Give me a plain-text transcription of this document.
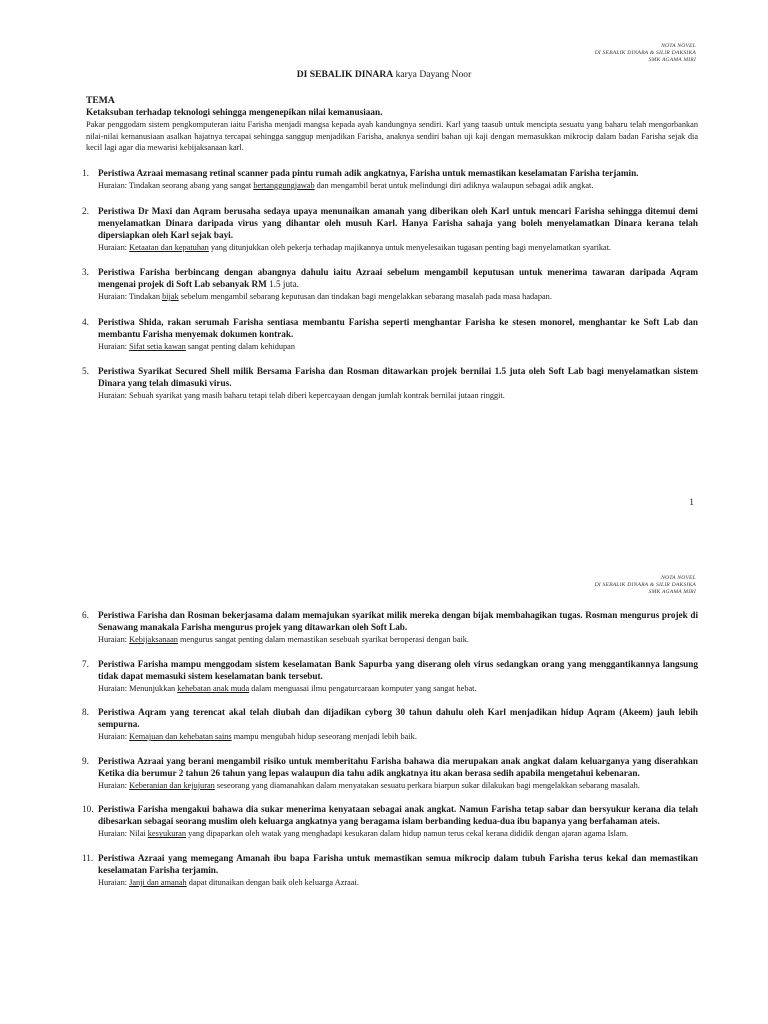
NOTA NOVEL
DI SEBALIK DINARA & SILIR DAKSIKA
SMK AGAMA MIRI
DI SEBALIK DINARA karya Dayang Noor
TEMA
Ketaksuban terhadap teknologi sehingga mengenepikan nilai kemanusiaan.
Pakar penggodam sistem pengkomputeran iaitu Farisha menjadi mangsa kepada ayah kandungnya sendiri. Karl yang taasub untuk mencipta sesuatu yang baharu telah mengorbankan nilai-nilai kemanusiaan asalkan hajatnya tercapai sehingga sanggup menjadikan Farisha, anaknya sendiri bahan uji kaji dengan memasukkan mikrocip dalam badan Farisha sejak dia kecil lagi agar dia mewarisi kebijaksanaan karl.
1. Peristiwa Azraai memasang retinal scanner pada pintu rumah adik angkatnya, Farisha untuk memastikan keselamatan Farisha terjamin.
Huraian: Tindakan seorang abang yang sangat bertanggungjawab dan mengambil berat untuk melindungi diri adiknya walaupun sebagai adik angkat.
2. Peristiwa Dr Maxi dan Aqram berusaha sedaya upaya menunaikan amanah yang diberikan oleh Karl untuk mencari Farisha sehingga ditemui demi menyelamatkan Dinara daripada virus yang dihantar oleh musuh Karl. Hanya Farisha sahaja yang boleh menyelamatkan Dinara kerana telah dipersiapkan oleh Karl sejak bayi.
Huraian: Ketaatan dan kepatuhan yang ditunjukkan oleh pekerja terhadap majikannya untuk menyelesaikan tugasan penting bagi menyelamatkan syarikat.
3. Peristiwa Farisha berbincang dengan abangnya dahulu iaitu Azraai sebelum mengambil keputusan untuk menerima tawaran daripada Aqram mengenai projek di Soft Lab sebanyak RM 1.5 juta.
Huraian: Tindakan bijak sebelum mengambil sebarang keputusan dan tindakan bagi mengelakkan sebarang masalah pada masa hadapan.
4. Peristiwa Shida, rakan serumah Farisha sentiasa membantu Farisha seperti menghantar Farisha ke stesen monorel, menghantar ke Soft Lab dan membantu Farisha menyemak dokumen kontrak.
Huraian: Sifat setia kawan sangat penting dalam kehidupan
5. Peristiwa Syarikat Secured Shell milik Bersama Farisha dan Rosman ditawarkan projek bernilai 1.5 juta oleh Soft Lab bagi menyelamatkan sistem Dinara yang telah dimasuki virus.
Huraian: Sebuah syarikat yang masih baharu tetapi telah diberi kepercayaan dengan jumlah kontrak bernilai jutaan ringgit.
1
NOTA NOVEL
DI SEBALIK DINARA & SILIR DAKSIKA
SMK AGAMA MIRI
6. Peristiwa Farisha dan Rosman bekerjasama dalam memajukan syarikat milik mereka dengan bijak membahagikan tugas. Rosman mengurus projek di Senawang manakala Farisha mengurus projek yang ditawarkan oleh Soft Lab.
Huraian: Kebijaksanaan mengurus sangat penting dalam memastikan sesebuah syarikat beroperasi dengan baik.
7. Peristiwa Farisha mampu menggodam sistem keselamatan Bank Sapurba yang diserang oleh virus sedangkan orang yang menggantikannya langsung tidak dapat memasuki sistem keselamatan bank tersebut.
Huraian: Menunjukkan kehebatan anak muda dalam menguasai ilmu pengaturcaraan komputer yang sangat hebat.
8. Peristiwa Aqram yang terencat akal telah diubah dan dijadikan cyborg 30 tahun dahulu oleh Karl menjadikan hidup Aqram (Akeem) jauh lebih sempurna.
Huraian: Kemajuan dan kehebatan sains mampu mengubah hidup seseorang menjadi lebih baik.
9. Peristiwa Azraai yang berani mengambil risiko untuk memberitahu Farisha bahawa dia merupakan anak angkat dalam keluarganya yang diserahkan Ketika dia berumur 2 tahun 26 tahun yang lepas walaupun dia tahu adik angkatnya itu akan berasa sedih apabila mengetahui kebenaran.
Huraian: Keberanian dan kejujuran seseorang yang diamanahkan dalam menyatakan sesuatu perkara biarpun sukar dilakukan bagi mengelakkan sebarang masalah.
10. Peristiwa Farisha mengakui bahawa dia sukar menerima kenyataan sebagai anak angkat. Namun Farisha tetap sabar dan bersyukur kerana dia telah dibesarkan sebagai seorang muslim oleh keluarga angkatnya yang beragama islam berbanding kedua-dua ibu bapanya yang berfahaman ateis.
Huraian: Nilai kesyukuran yang dipaparkan oleh watak yang menghadapi kesukaran dalam hidup namun terus cekal kerana dididik dengan ajaran agama Islam.
11. Peristiwa Azraai yang memegang Amanah ibu bapa Farisha untuk memastikan semua mikrocip dalam tubuh Farisha terus kekal dan memastikan keselamatan Farisha terjamin.
Huraian: Janji dan amanah dapat ditunaikan dengan baik oleh keluarga Azraai.
